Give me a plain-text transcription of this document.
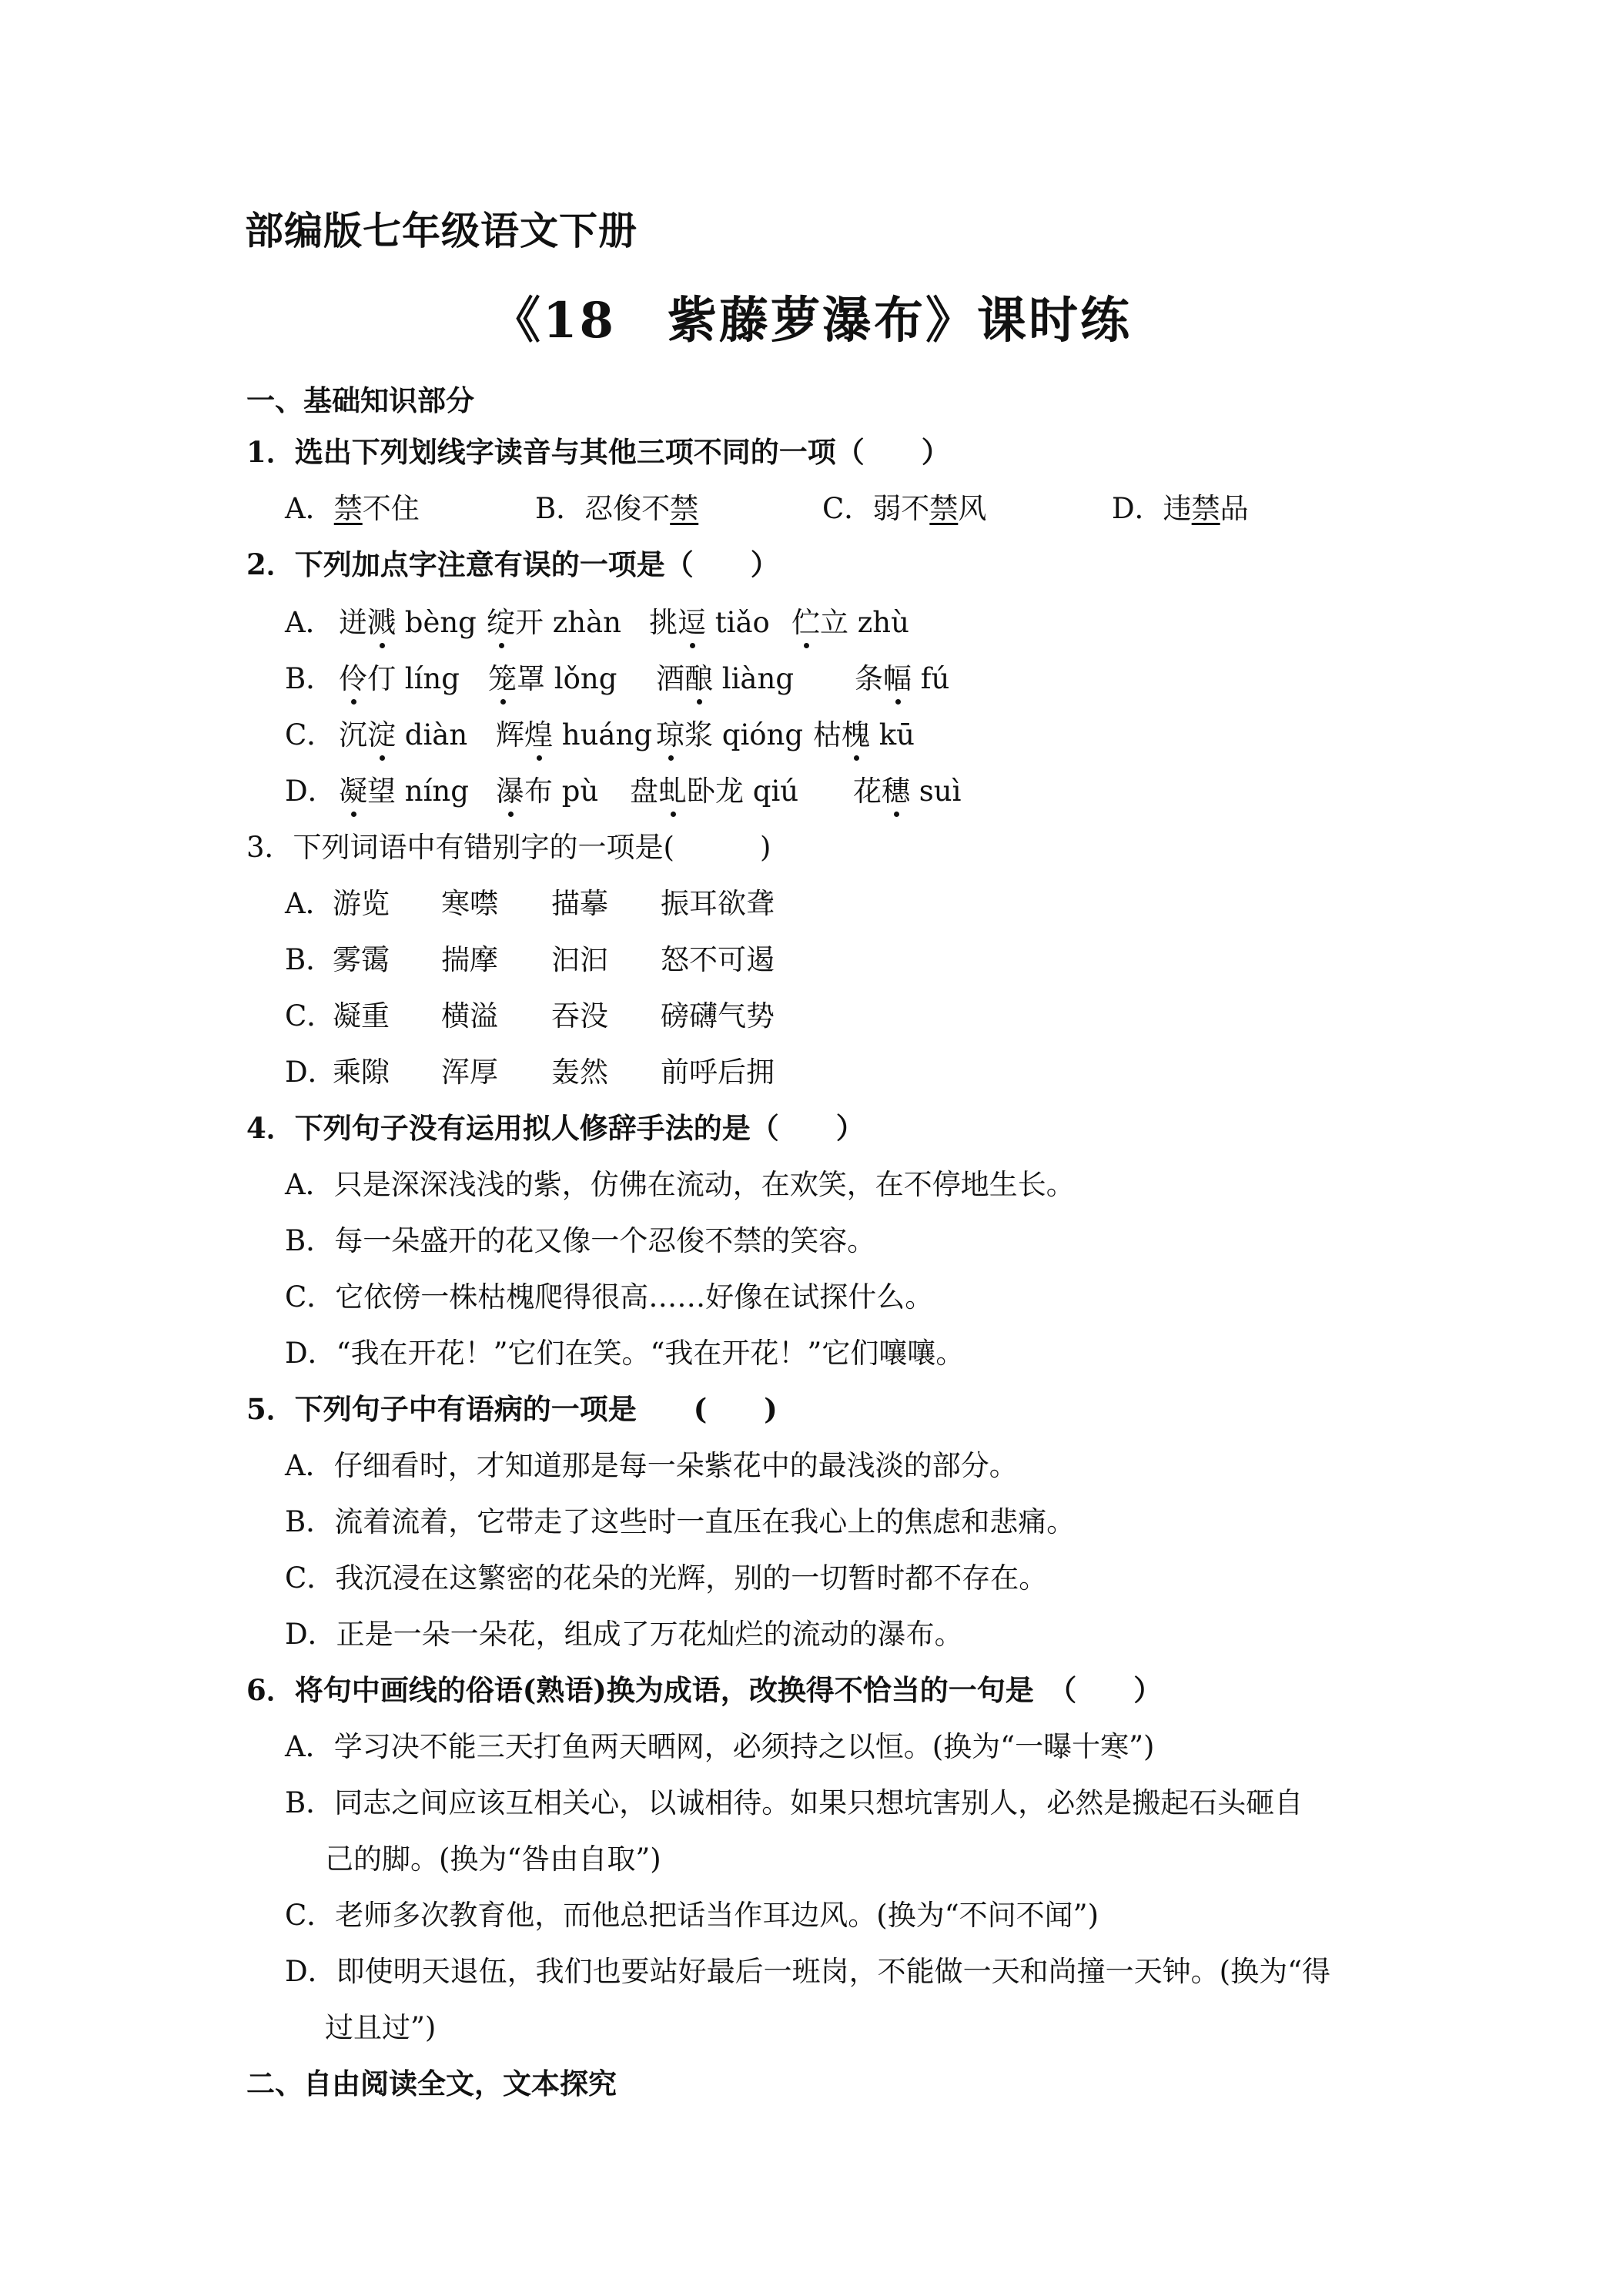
部编版七年级语文下册
《18　紫藤萝瀑布》课时练
一、基础知识部分
1．选出下列划线字读音与其他三项不同的一项（　　）
A．禁不住	B．忍俊不禁	C．弱不禁风	D．违禁品
2．下列加点字注意有误的一项是（　　）
A． 迸溅 bèng 绽开 zhàn 挑逗 tiǎo 伫立 zhù
B． 伶仃 líng 笼罩 lǒng 酒酿 liàng 条幅 fú
C． 沉淀 diàn 辉煌 huáng 琼浆 qióng 枯槐 kū
D． 凝望 níng 瀑布 pù 盘虬卧龙 qiú 花穗 suì
3．下列词语中有错别字的一项是(　　　)
A．
游览 寒噤 描摹 振耳欲聋
B．
雾霭 揣摩 汩汩 怒不可遏
C．
凝重 横溢 吞没 磅礴气势
D．
乘隙 浑厚 轰然 前呼后拥
4．下列句子没有运用拟人修辞手法的是（　　）
A．只是深深浅浅的紫，仿佛在流动，在欢笑，在不停地生长。
B．每一朵盛开的花又像一个忍俊不禁的笑容。
C．它依傍一株枯槐爬得很高……好像在试探什么。
D．“我在开花！”它们在笑。“我在开花！”它们嚷嚷。
5．下列句子中有语病的一项是　　(　　)
A．仔细看时，才知道那是每一朵紫花中的最浅淡的部分。
B．流着流着，它带走了这些时一直压在我心上的焦虑和悲痛。
C．我沉浸在这繁密的花朵的光辉，别的一切暂时都不存在。
D．正是一朵一朵花，组成了万花灿烂的流动的瀑布。
6．将句中画线的俗语(熟语)换为成语，改换得不恰当的一句是　（　　）
A．学习决不能三天打鱼两天晒网，必须持之以恒。(换为“一曝十寒”)
B．同志之间应该互相关心，以诚相待。如果只想坑害别人，必然是搬起石头砸自
己的脚。(换为“咎由自取”)
C．老师多次教育他，而他总把话当作耳边风。(换为“不问不闻”)
D．即使明天退伍，我们也要站好最后一班岗，不能做一天和尚撞一天钟。(换为“得
过且过”)
二、自由阅读全文，文本探究
